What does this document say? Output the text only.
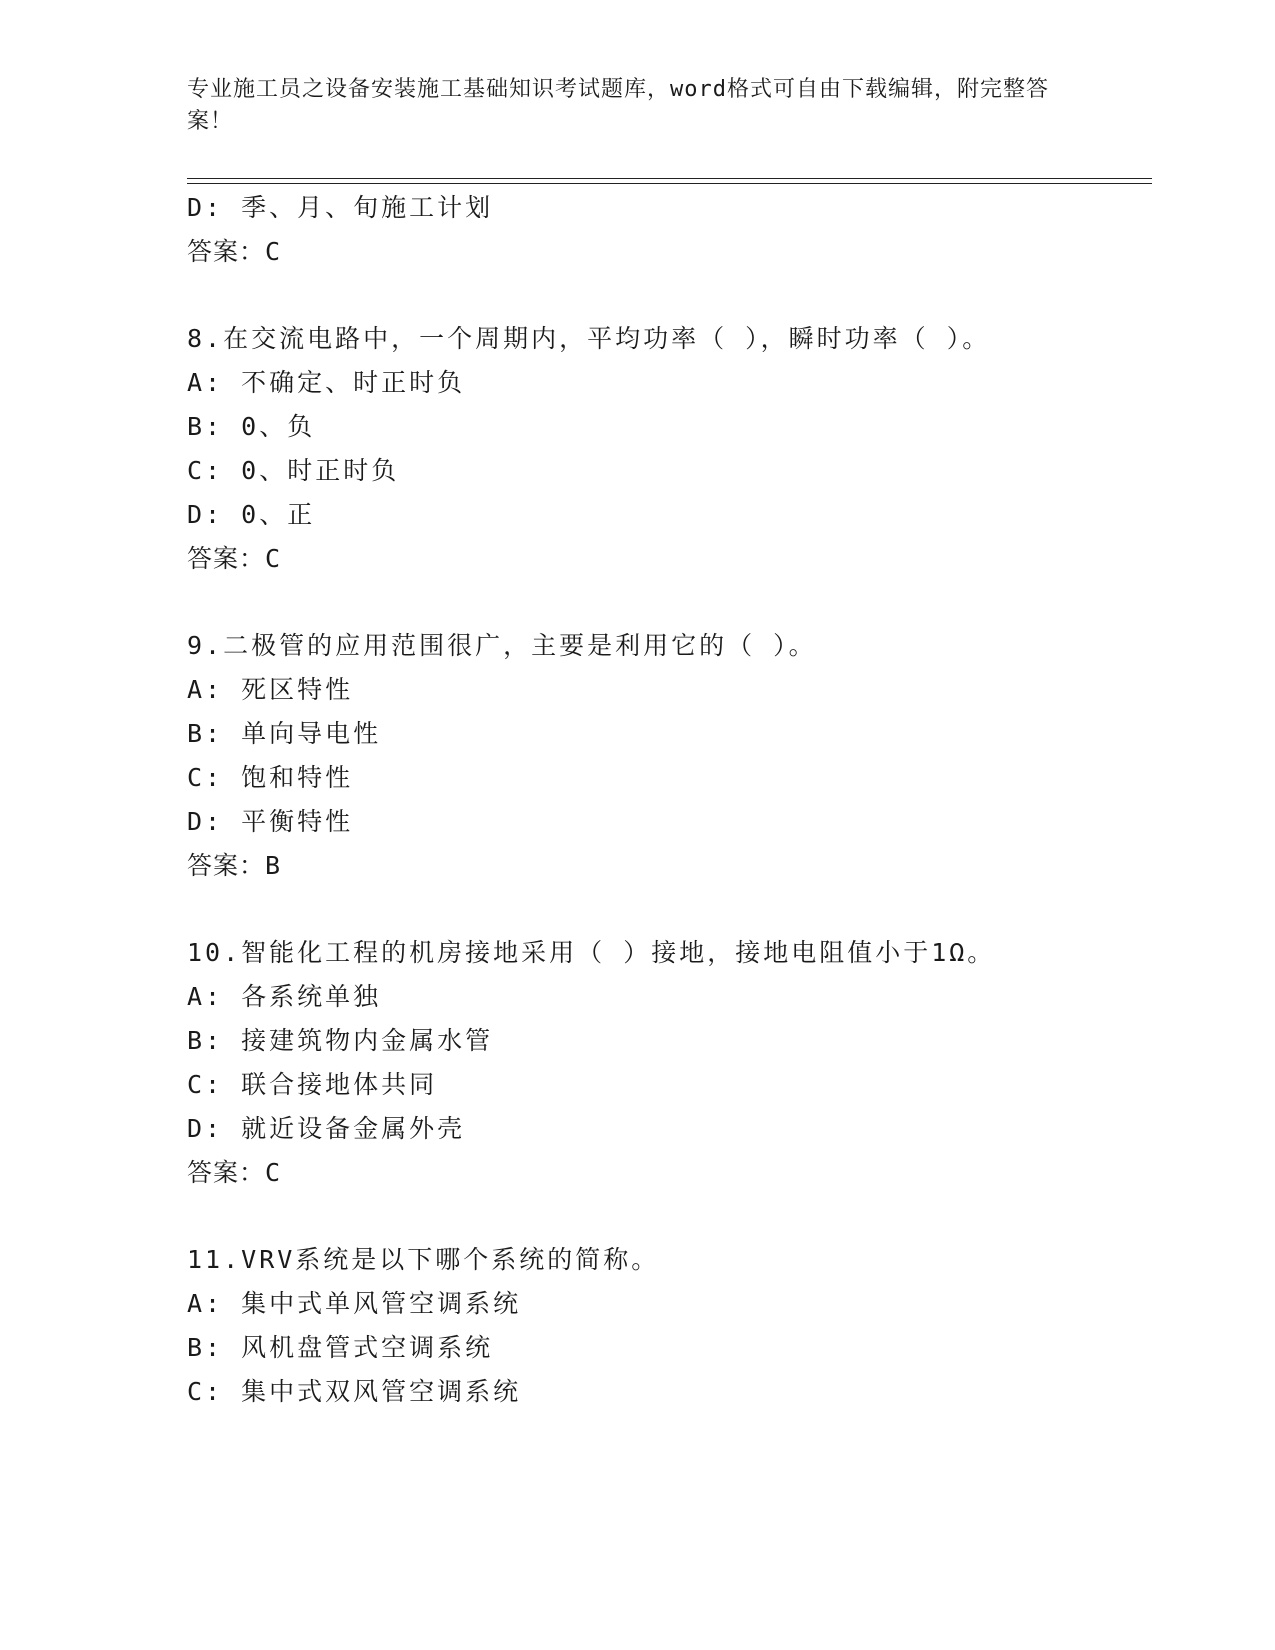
专业施工员之设备安装施工基础知识考试题库，word格式可自由下载编辑，附完整答案！
D: 季、月、旬施工计划
答案：C
8.在交流电路中，一个周期内，平均功率（ ），瞬时功率（ ）。
A: 不确定、时正时负
B: 0、负
C: 0、时正时负
D: 0、正
答案：C
9.二极管的应用范围很广，主要是利用它的（ ）。
A: 死区特性
B: 单向导电性
C: 饱和特性
D: 平衡特性
答案：B
10.智能化工程的机房接地采用（ ）接地，接地电阻值小于1Ω。
A: 各系统单独
B: 接建筑物内金属水管
C: 联合接地体共同
D: 就近设备金属外壳
答案：C
11.VRV系统是以下哪个系统的简称。
A: 集中式单风管空调系统
B: 风机盘管式空调系统
C: 集中式双风管空调系统
